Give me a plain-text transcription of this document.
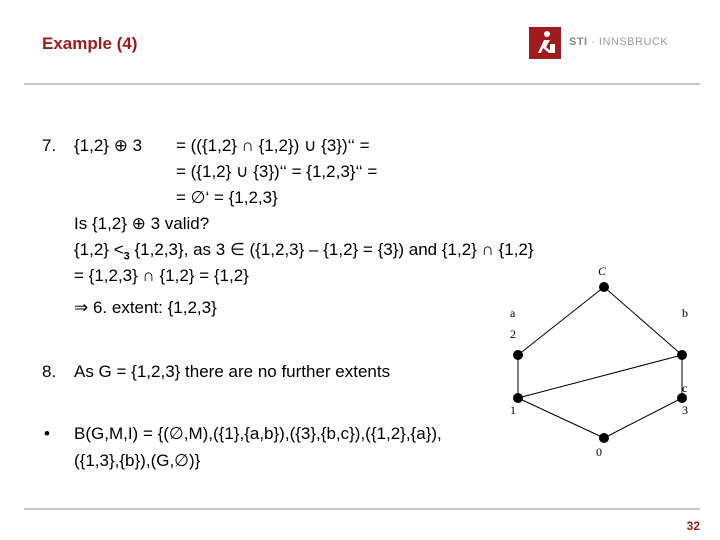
Example (4)	STI · INNSBRUCK
7. {1,2} ⊕ 3 = (({1,2} ∩ {1,2}) ∪ {3})‘‘ =
= ({1,2} ∪ {3})‘‘ = {1,2,3}‘‘ =
= ∅‘ = {1,2,3}
Is {1,2} ⊕ 3 valid?
$\{1,2\} <_3$ {1,2,3}, as 3 ∈ ({1,2,3} – {1,2} = {3}) and {1,2} ∩ {1,2}
= {1,2,3} ∩ {1,2} = {1,2}
⇒ 6. extent: {1,2,3}
8. As G = {1,2,3} there are no further extents
• B(G,M,I) = {(∅,M),({1},{a,b}),({3},{b,c}),({1,2},{a}),
({1,3},{b}),(G,∅)}
C
a
2
b
c
3
1
0
32
